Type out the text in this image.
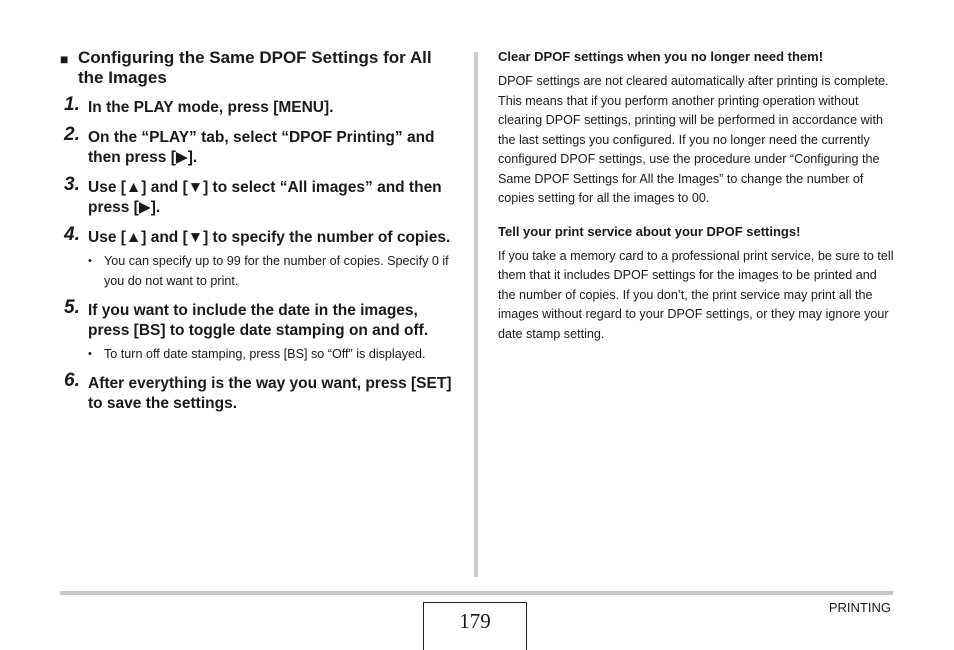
■ Configuring the Same DPOF Settings for All the Images
1. In the PLAY mode, press [MENU].
2. On the “PLAY” tab, select “DPOF Printing” and then press [▶].
3. Use [▲] and [▼] to select “All images” and then press [▶].
4. Use [▲] and [▼] to specify the number of copies.
• You can specify up to 99 for the number of copies. Specify 0 if you do not want to print.
5. If you want to include the date in the images, press [BS] to toggle date stamping on and off.
• To turn off date stamping, press [BS] so “Off” is displayed.
6. After everything is the way you want, press [SET] to save the settings.
Clear DPOF settings when you no longer need them!

DPOF settings are not cleared automatically after printing is complete. This means that if you perform another printing operation without clearing DPOF settings, printing will be performed in accordance with the last settings you configured. If you no longer need the currently configured DPOF settings, use the procedure under “Configuring the Same DPOF Settings for All the Images” to change the number of copies setting for all the images to 00.

Tell your print service about your DPOF settings!

If you take a memory card to a professional print service, be sure to tell them that it includes DPOF settings for the images to be printed and the number of copies. If you don’t, the print service may print all the images without regard to your DPOF settings, or they may ignore your date stamp setting.

179
PRINTING
